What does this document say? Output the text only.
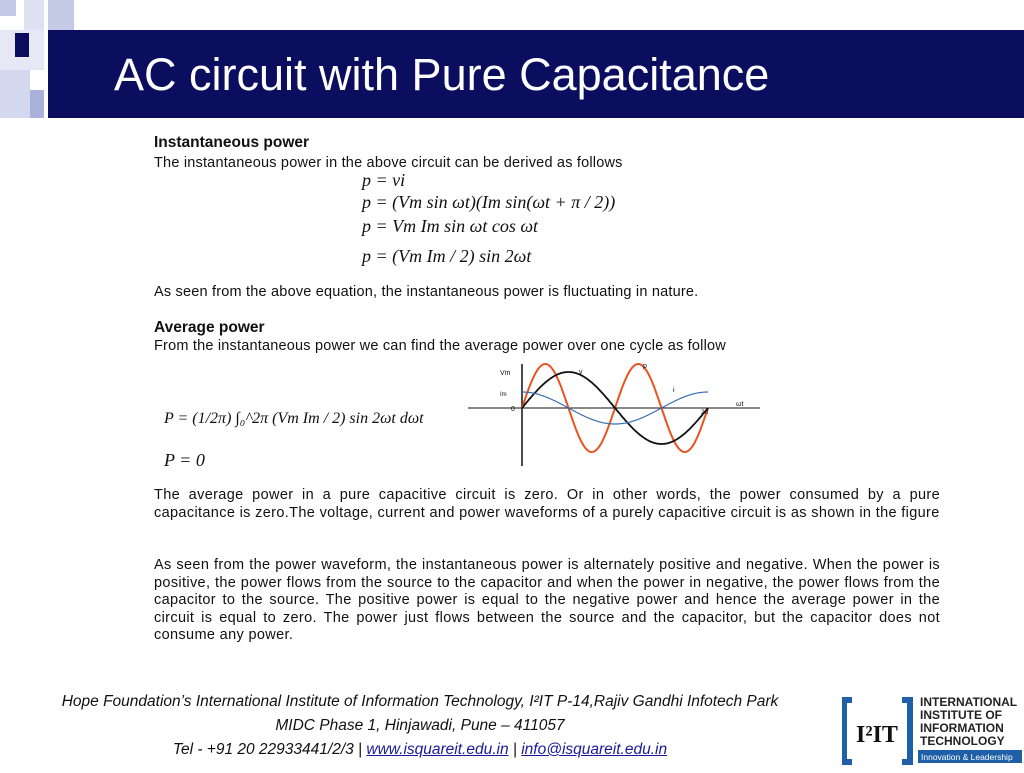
AC circuit with Pure Capacitance
Instantaneous power
The instantaneous power in the above circuit can be derived as follows
p = vi
p = (Vm sin ωt)(Im sin(ωt + π / 2))
p = Vm Im sin ωt cos ωt
p = (Vm Im / 2) sin 2ωt
As seen from the above equation, the instantaneous power is fluctuating in nature.
Average power
From the instantaneous power we can find the average power over one cycle as follow
P = (1/2π) ∫₀^2π (Vm Im / 2) sin 2ωt dωt
P = 0
Vm
Im
0
v
p
i
2π
ωt
The average power in a pure capacitive circuit is zero. Or in other words, the power consumed by a pure capacitance is zero.The voltage, current and power waveforms of a purely capacitive circuit is as shown in the figure
As seen from the power waveform, the instantaneous power is alternately positive and negative. When the power is positive, the power flows from the source to the capacitor and when the power in negative, the power flows from the capacitor to the source. The positive power is equal to the negative power and hence the average power in the circuit is equal to zero. The power just flows between the source and the capacitor, but the capacitor does not consume any power.
Hope Foundation’s International Institute of Information Technology, I²IT P-14,Rajiv Gandhi Infotech Park
MIDC Phase 1, Hinjawadi, Pune – 411057
Tel - +91 20 22933441/2/3 | www.isquareit.edu.in | info@isquareit.edu.in
I²IT
INTERNATIONAL
INSTITUTE OF
INFORMATION
TECHNOLOGY
Innovation & Leadership
